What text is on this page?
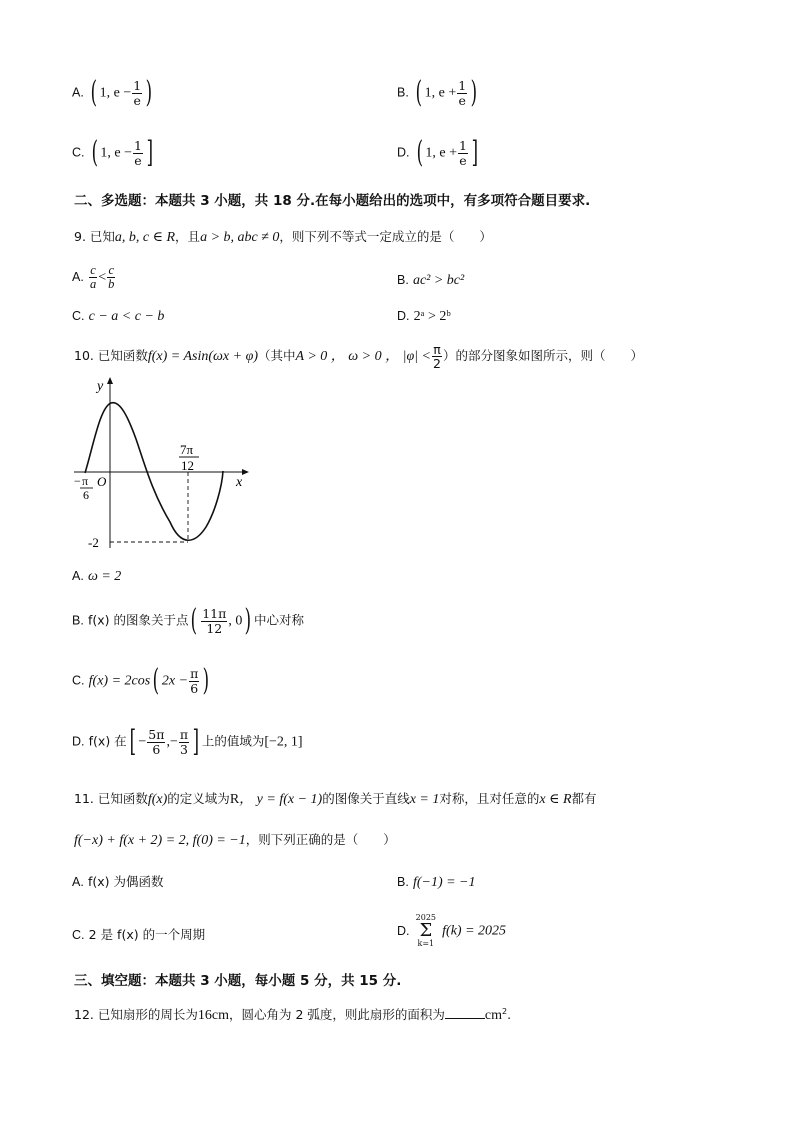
A. ( 1, $e - \frac{1}{e}$ )	B. ( 1, $e + \frac{1}{e}$ )
C. ( 1, $e - \frac{1}{e}$ ]	D. ( 1, $e + \frac{1}{e}$ ]
二、多选题：本题共 3 小题，共 18 分.在每小题给出的选项中，有多项符合题目要求.
9. 已知a, b, c ∈ R，且a > b, abc ≠ 0，则下列不等式一定成立的是（　　）
A. $\frac{c}{a} < \frac{c}{b}$	B. ac² > bc²
C. c − a < c − b	D. 2ᵃ > 2ᵇ
10. 已知函数f(x) = Asin(ωx + φ)（其中A > 0 ， ω > 0 ， $|\varphi| < \frac{\pi}{2}$ ）的部分图象如图所示，则（　　）
y
x
O
− π
6
7π
12
-2
A. ω = 2
B. f(x) 的图象关于点( $\frac{11\pi}{12}$ , 0) 中心对称
C. f(x) = 2cos( $2x - \frac{\pi}{6}$ )
D. f(x) 在[ − $\frac{5\pi}{6}$ ,− $\frac{\pi}{3}$ ] 上的值域为[−2, 1]
11. 已知函数f(x)的定义域为R， y = f(x − 1)的图像关于直线x = 1对称，且对任意的x ∈ R都有
f(−x) + f(x + 2) = 2, f(0) = −1，则下列正确的是（　　）
A. f(x) 为偶函数	B. f(−1) = −1
C. 2 是 f(x) 的一个周期	D.
2025
Σ
k=1
f(k) = 2025
三、填空题：本题共 3 小题，每小题 5 分，共 15 分.
12. 已知扇形的周长为16cm，圆心角为 2 弧度，则此扇形的面积为	$cm^2$.
